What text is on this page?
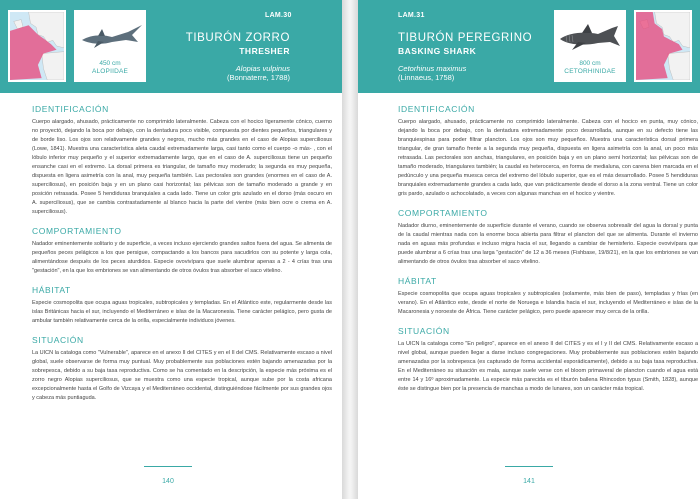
450 cm
ALOPIIDAE
LAM.30
TIBURÓN ZORRO
THRESHER
Alopias vulpinus
(Bonnaterre, 1788)
IDENTIFICACIÓN
Cuerpo alargado, ahusado, prácticamente no comprimido lateralmente. Cabeza con el hocico ligeramente cónico, cuerno no proyectó, dejando la boca por debajo, con la dentadura poco visible, compuesta por dientes pequeños, triangulares y de borde liso. Los ojos son relativamente grandes y negros, mucho más grandes en el caso de Alopias superciliosus (Lowe, 1841). Muestra una característica aleta caudal extremadamente larga, casi tanto como el cuerpo -o más- , con el lóbulo inferior muy pequeño y el superior extremadamente largo, que en el caso de A. superciliosus tiene un pequeño ensanche casi en el extremo. La dorsal primera es triangular, de tamaño muy moderado; la segunda es muy pequeña, dispuesta en ligera asimetría con la anal, muy pequeña también. Las pectorales son grandes (enormes en el caso de A. superciliosus), en posición baja y en un plano casi horizontal; las pélvicas son de tamaño moderado a grande y en posición retrasada. Posee 5 hendiduras branquiales a cada lado. Tiene un color gris azulado en el dorso (más oscuro en A. superciliosus), que se cambia contrastadamente al blanco hacia la parte del vientre (más bien ocre o crema en A. superciliosus).
COMPORTAMIENTO
Nadador eminentemente solitario y de superficie, a veces incluso ejerciendo grandes saltos fuera del agua. Se alimenta de pequeños peces pelágicos a los que persigue, compactando a los bancos para sacudirlos con su potente y larga cola, alimentándose después de los peces aturdidos. Especie ovovivípara que suele alumbrar apenas a 2 - 4 crías tras una "gestación", en la que los embriones se van alimentando de otros óvulos tras absorber el saco vitelino.
HÁBITAT
Especie cosmopolita que ocupa aguas tropicales, subtropicales y templadas. En el Atlántico este, regularmente desde las islas Británicas hacia el sur, incluyendo el Mediterráneo e islas de la Macaronesia. Tiene carácter pelágico, pero gusta de ambular también relativamente cerca de la orilla, especialmente individuos jóvenes.
SITUACIÓN
La UICN la cataloga como "Vulnerable", aparece en el anexo II del CITES y en el II del CMS. Relativamente escaso a nivel global, suele observarse de forma muy puntual. Muy probablemente sus poblaciones estén bajando amenazadas por la sobrepesca, debido a su baja tasa reproductiva. Como se ha comentado en la descripción, la especie más próxima es el zorro negro Alopias superciliosus, que se muestra como una especie tropical, aunque sube por la costa africana excepcionalmente hasta el Golfo de Vizcaya y el Mediterráneo occidental, distinguiéndose fácilmente por sus grandes ojos y cabeza más puntiaguda.
140
LAM.31
TIBURÓN PEREGRINO
BASKING SHARK
Cetorhinus maximus
(Linnaeus, 1758)
800 cm
CETORHINIDAE
IDENTIFICACIÓN
Cuerpo alargado, ahusado, prácticamente no comprimido lateralmente. Cabeza con el hocico en punta, muy cónico, dejando la boca por debajo, con la dentadura extremadamente poco desarrollada, aunque en su defecto tiene las branquiespinas para poder filtrar plancton. Los ojos son muy pequeños. Muestra una característica dorsal primera triangular, de gran tamaño frente a la segunda muy pequeña, dispuesta en ligera asimetría con la anal, un poco más retrasada. Las pectorales son anchas, triangulares, en posición baja y en un plano semi horizontal; las pélvicas son de tamaño moderado, triangulares también; la caudal es heterocerca, en forma de medialuna, con carena bien marcada en el pedúnculo y una pequeña muesca cerca del extremo del lóbulo superior, que es el más desarrollado. Posee 5 hendiduras branquiales extremadamente grandes a cada lado, que van prácticamente desde el dorso a la zona ventral. Tiene un color gris pardo, azulado o achocolatado, a veces con algunas manchas en el hocico y vientre.
COMPORTAMIENTO
Nadador diurno, eminentemente de superficie durante el verano, cuando se observa sobresalir del agua la dorsal y punta de la caudal mientras nada con la enorme boca abierta para filtrar el plancton del que se alimenta. Durante el invierno nada en aguas más profundas e incluso migra hacia el sur, llegando a cambiar de hemisferio. Especie ovovivípara que puede alumbrar a 6 crías tras una larga "gestación" de 12 a 36 meses (Fishbase, 19/8/21), en la que los embriones se van alimentando de otros óvulos tras absorber el saco vitelino.
HÁBITAT
Especie cosmopolita que ocupa aguas tropicales y subtropicales (solamente, más bien de paso), templadas y frías (en verano). En el Atlántico este, desde el norte de Noruega e Islandia hacia el sur, incluyendo el Mediterráneo e islas de la Macaronesia y noroeste de África. Tiene carácter pelágico, pero puede aparecer muy cerca de la orilla.
SITUACIÓN
La UICN la cataloga como "En peligro", aparece en el anexo II del CITES y es el I y II del CMS. Relativamente escaso a nivel global, aunque pueden llegar a darse incluso congregaciones. Muy probablemente sus poblaciones estén bajando amenazadas por la sobrepesca (es capturado de forma accidental esporádicamente), debido a su baja tasa reproductiva. En el Mediterráneo su situación es mala, aunque suele verse con el bloom primaveral de plancton cuando el agua está entre 14 y 16º aproximadamente. La especie más parecida es el tiburón ballena Rhincodon typus (Smith, 1828), aunque éste se distingue bien por la presencia de manchas a modo de lunares, son un carácter más tropical.
141
